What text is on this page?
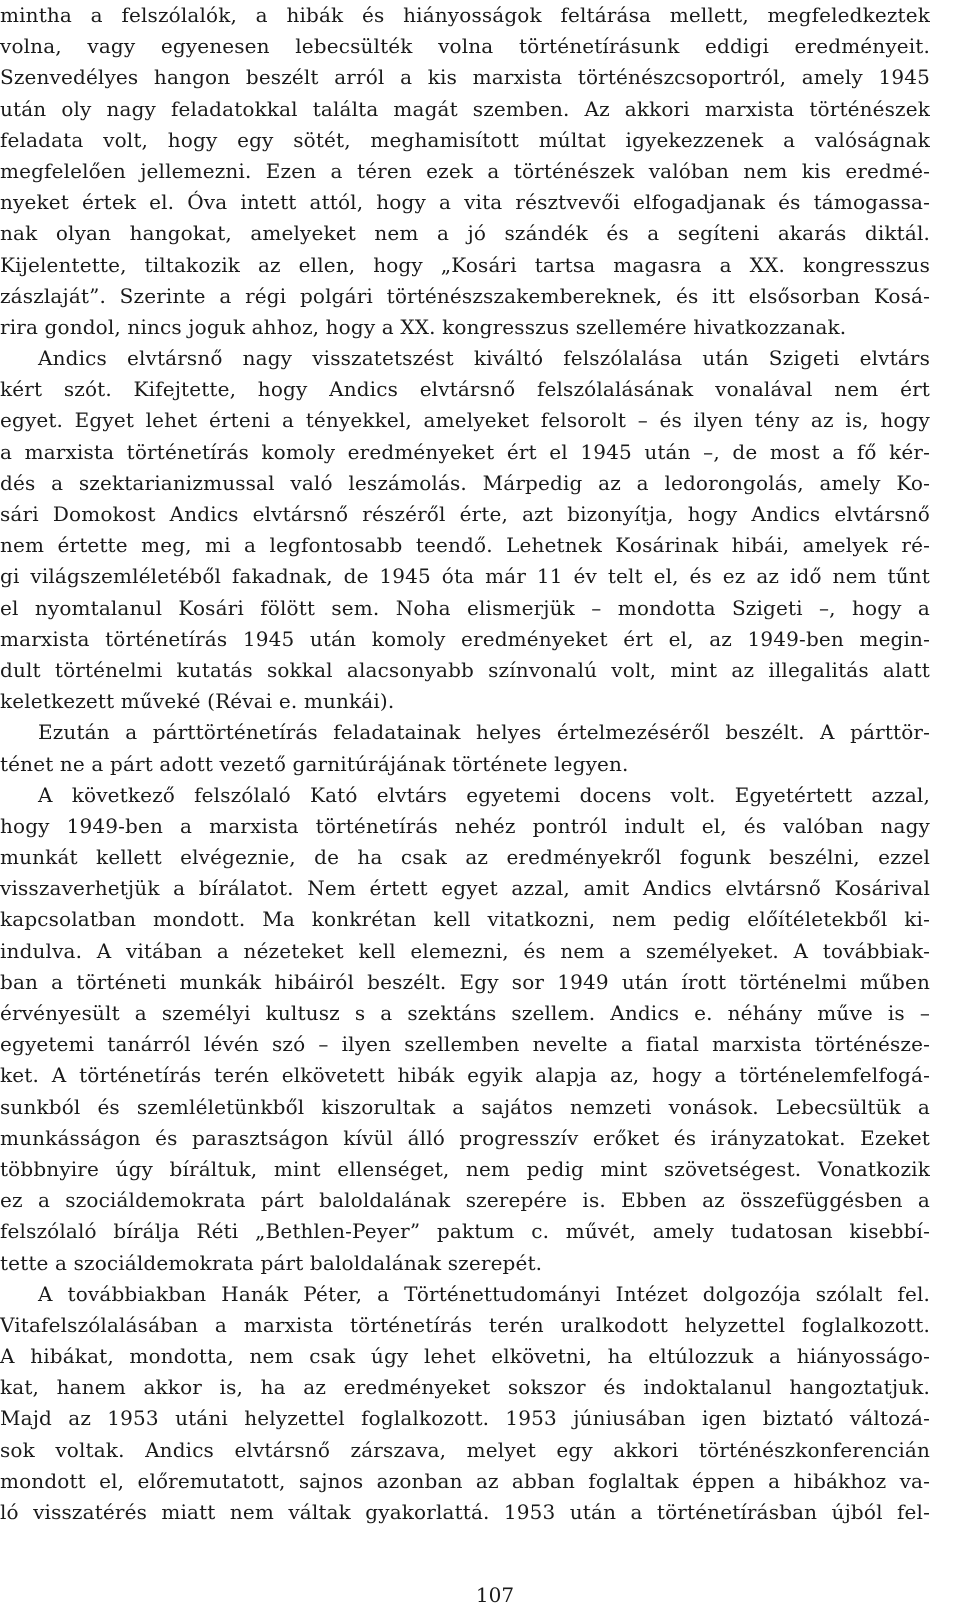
mintha a felszólalók, a hibák és hiányosságok feltárása mellett, megfeledkeztek
volna, vagy egyenesen lebecsülték volna történetírásunk eddigi eredményeit.
Szenvedélyes hangon beszélt arról a kis marxista történészcsoportról, amely 1945
után oly nagy feladatokkal találta magát szemben. Az akkori marxista történészek
feladata volt, hogy egy sötét, meghamisított múltat igyekezzenek a valóságnak
megfelelően jellemezni. Ezen a téren ezek a történészek valóban nem kis eredmé-
nyeket értek el. Óva intett attól, hogy a vita résztvevői elfogadjanak és támogassa-
nak olyan hangokat, amelyeket nem a jó szándék és a segíteni akarás diktál.
Kijelentette, tiltakozik az ellen, hogy „Kosári tartsa magasra a XX. kongresszus
zászlaját”. Szerinte a régi polgári történészszakembereknek, és itt elsősorban Kosá-
rira gondol, nincs joguk ahhoz, hogy a XX. kongresszus szellemére hivatkozzanak.
Andics elvtársnő nagy visszatetszést kiváltó felszólalása után Szigeti elvtárs
kért szót. Kifejtette, hogy Andics elvtársnő felszólalásának vonalával nem ért
egyet. Egyet lehet érteni a tényekkel, amelyeket felsorolt – és ilyen tény az is, hogy
a marxista történetírás komoly eredményeket ért el 1945 után –, de most a fő kér-
dés a szektarianizmussal való leszámolás. Márpedig az a ledorongolás, amely Ko-
sári Domokost Andics elvtársnő részéről érte, azt bizonyítja, hogy Andics elvtársnő
nem értette meg, mi a legfontosabb teendő. Lehetnek Kosárinak hibái, amelyek ré-
gi világszemléletéből fakadnak, de 1945 óta már 11 év telt el, és ez az idő nem tűnt
el nyomtalanul Kosári fölött sem. Noha elismerjük – mondotta Szigeti –, hogy a
marxista történetírás 1945 után komoly eredményeket ért el, az 1949-ben megin-
dult történelmi kutatás sokkal alacsonyabb színvonalú volt, mint az illegalitás alatt
keletkezett műveké (Révai e. munkái).
Ezután a párttörténetírás feladatainak helyes értelmezéséről beszélt. A párttör-
ténet ne a párt adott vezető garnitúrájának története legyen.
A következő felszólaló Kató elvtárs egyetemi docens volt. Egyetértett azzal,
hogy 1949-ben a marxista történetírás nehéz pontról indult el, és valóban nagy
munkát kellett elvégeznie, de ha csak az eredményekről fogunk beszélni, ezzel
visszaverhetjük a bírálatot. Nem értett egyet azzal, amit Andics elvtársnő Kosárival
kapcsolatban mondott. Ma konkrétan kell vitatkozni, nem pedig előítéletekből ki-
indulva. A vitában a nézeteket kell elemezni, és nem a személyeket. A továbbiak-
ban a történeti munkák hibáiról beszélt. Egy sor 1949 után írott történelmi műben
érvényesült a személyi kultusz s a szektáns szellem. Andics e. néhány műve is –
egyetemi tanárról lévén szó – ilyen szellemben nevelte a fiatal marxista történésze-
ket. A történetírás terén elkövetett hibák egyik alapja az, hogy a történelemfelfogá-
sunkból és szemléletünkből kiszorultak a sajátos nemzeti vonások. Lebecsültük a
munkásságon és parasztságon kívül álló progresszív erőket és irányzatokat. Ezeket
többnyire úgy bíráltuk, mint ellenséget, nem pedig mint szövetségest. Vonatkozik
ez a szociáldemokrata párt baloldalának szerepére is. Ebben az összefüggésben a
felszólaló bírálja Réti „Bethlen-Peyer” paktum c. művét, amely tudatosan kisebbí-
tette a szociáldemokrata párt baloldalának szerepét.
A továbbiakban Hanák Péter, a Történettudományi Intézet dolgozója szólalt fel.
Vitafelszólalásában a marxista történetírás terén uralkodott helyzettel foglalkozott.
A hibákat, mondotta, nem csak úgy lehet elkövetni, ha eltúlozzuk a hiányosságo-
kat, hanem akkor is, ha az eredményeket sokszor és indoktalanul hangoztatjuk.
Majd az 1953 utáni helyzettel foglalkozott. 1953 júniusában igen biztató változá-
sok voltak. Andics elvtársnő zárszava, melyet egy akkori történészkonferencián
mondott el, előremutatott, sajnos azonban az abban foglaltak éppen a hibákhoz va-
ló visszatérés miatt nem váltak gyakorlattá. 1953 után a történetírásban újból fel-
107
